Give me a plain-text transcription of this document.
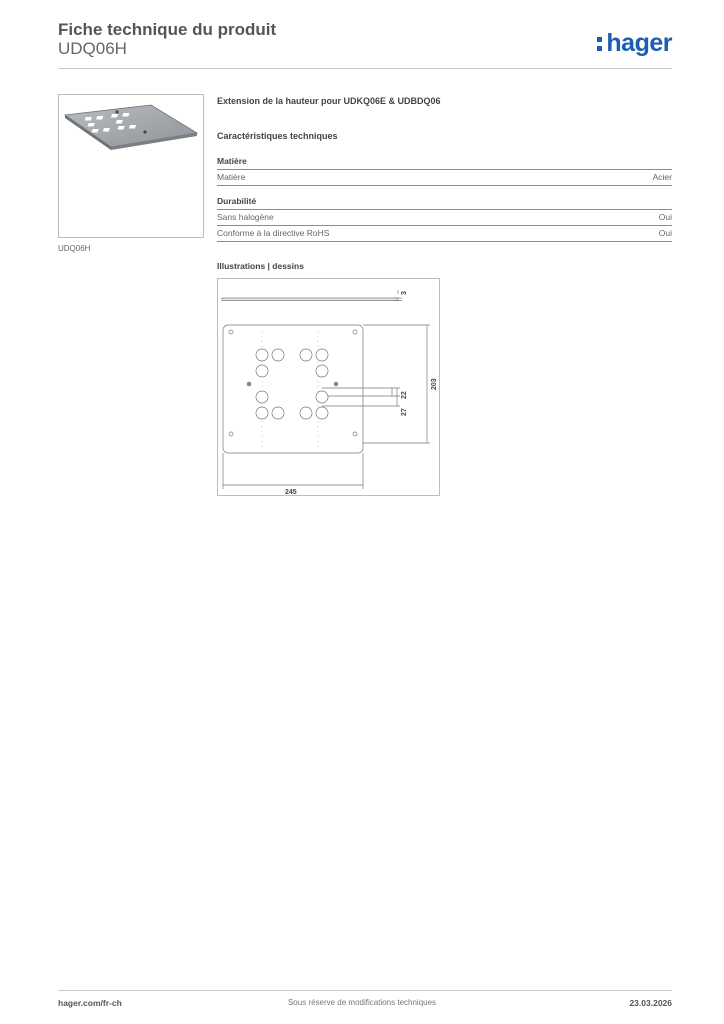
Fiche technique du produit
UDQ06H	hager
UDQ06H
Extension de la hauteur pour UDKQ06E & UDBDQ06
Caractéristiques techniques
Matière
Matière	Acier
Durabilité
Sans halogène	Oui
Conforme à la directive RoHS	Oui
Illustrations | dessins
3
203
22
27
245
hager.com/fr-ch	Sous réserve de modifications techniques	23.03.2026
